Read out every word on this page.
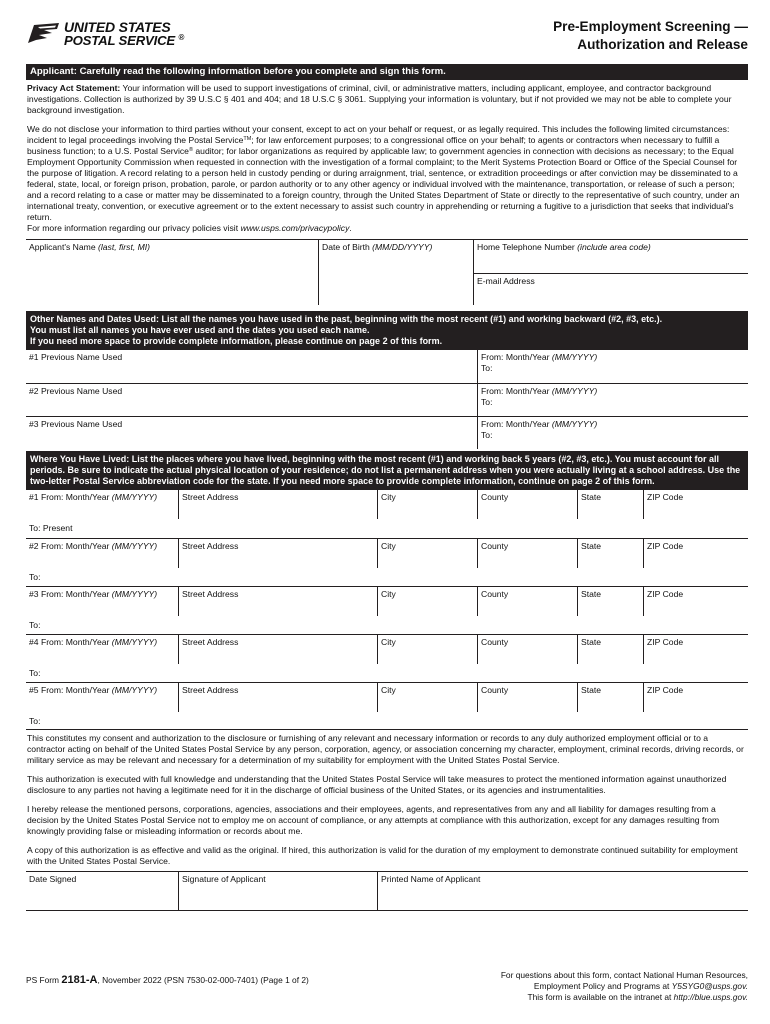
UNITED STATES
POSTAL SERVICE ®
Pre-Employment Screening —
Authorization and Release
Applicant: Carefully read the following information before you complete and sign this form.

Privacy Act Statement: Your information will be used to support investigations of criminal, civil, or administrative matters, including applicant, employee, and contractor background investigations. Collection is authorized by 39 U.S.C § 401 and 404; and 18 U.S.C § 3061. Supplying your information is voluntary, but if not provided we may not be able to complete your background investigation.

We do not disclose your information to third parties without your consent, except to act on your behalf or request, or as legally required. This includes the following limited circumstances: incident to legal proceedings involving the Postal Service™; for law enforcement purposes; to a congressional office on your behalf; to agents or contractors when necessary to fulfill a business function; to a U.S. Postal Service® auditor; for labor organizations as required by applicable law; to government agencies in connection with decisions as necessary; to the Equal Employment Opportunity Commission when requested in connection with the investigation of a formal complaint; to the Merit Systems Protection Board or Office of the Special Counsel for the purpose of litigation. A record relating to a person held in custody pending or during arraignment, trial, sentence, or extradition proceedings or after conviction may be disseminated to a federal, state, local, or foreign prison, probation, parole, or pardon authority or to any other agency or individual involved with the maintenance, transportation, or release of such a person; and a record relating to a case or matter may be disseminated to a foreign country, through the United States Department of State or directly to the representative of such country, under an international treaty, convention, or executive agreement or to the extent necessary to assist such country in apprehending or returning a fugitive to a jurisdiction that seeks that individual's return.

For more information regarding our privacy policies visit www.usps.com/privacypolicy.

Applicant's Name (last, first, MI)	Date of Birth (MM/DD/YYYY)	Home Telephone Number (include area code)
E-mail Address
Other Names and Dates Used: List all the names you have used in the past, beginning with the most recent (#1) and working backward (#2, #3, etc.).
You must list all names you have ever used and the dates you used each name.
If you need more space to provide complete information, please continue on page 2 of this form.
#1 Previous Name Used	From: Month/Year (MM/YYYY)
To:
#2 Previous Name Used	From: Month/Year (MM/YYYY)
To:
#3 Previous Name Used	From: Month/Year (MM/YYYY)
To:
Where You Have Lived: List the places where you have lived, beginning with the most recent (#1) and working back 5 years (#2, #3, etc.). You must account for all periods. Be sure to indicate the actual physical location of your residence; do not list a permanent address when you were actually living at a school address. Use the two-letter Postal Service abbreviation code for the state. If you need more space to provide complete information, continue on page 2 of this form.
#1 From: Month/Year (MM/YYYY)	Street Address	City	County	State	ZIP Code
To: Present
#2 From: Month/Year (MM/YYYY)	Street Address	City	County	State	ZIP Code
To:
#3 From: Month/Year (MM/YYYY)	Street Address	City	County	State	ZIP Code
To:
#4 From: Month/Year (MM/YYYY)	Street Address	City	County	State	ZIP Code
To:
#5 From: Month/Year (MM/YYYY)	Street Address	City	County	State	ZIP Code
To:

This constitutes my consent and authorization to the disclosure or furnishing of any relevant and necessary information or records to any duly authorized employment official or to a contractor acting on behalf of the United States Postal Service by any person, corporation, agency, or association concerning my character, employment, criminal records, driving records, or military service as may be relevant and necessary for a determination of my suitability for employment with the United States Postal Service.

This authorization is executed with full knowledge and understanding that the United States Postal Service will take measures to protect the mentioned information against unauthorized disclosure to any parties not having a legitimate need for it in the discharge of official business of the United States, or its agencies and instrumentalities.

I hereby release the mentioned persons, corporations, agencies, associations and their employees, agents, and representatives from any and all liability for damages resulting from a decision by the United States Postal Service not to employ me on account of compliance, or any attempts at compliance with this authorization, except for any damages resulting from knowingly providing false or misleading information or records about me.

A copy of this authorization is as effective and valid as the original. If hired, this authorization is valid for the duration of my employment to demonstrate continued suitability for employment with the United States Postal Service.

Date Signed	Signature of Applicant	Printed Name of Applicant
PS Form 2181-A, November 2022 (PSN 7530-02-000-7401) (Page 1 of 2)	For questions about this form, contact National Human Resources,
Employment Policy and Programs at Y5SYG0@usps.gov.
This form is available on the intranet at http://blue.usps.gov.
